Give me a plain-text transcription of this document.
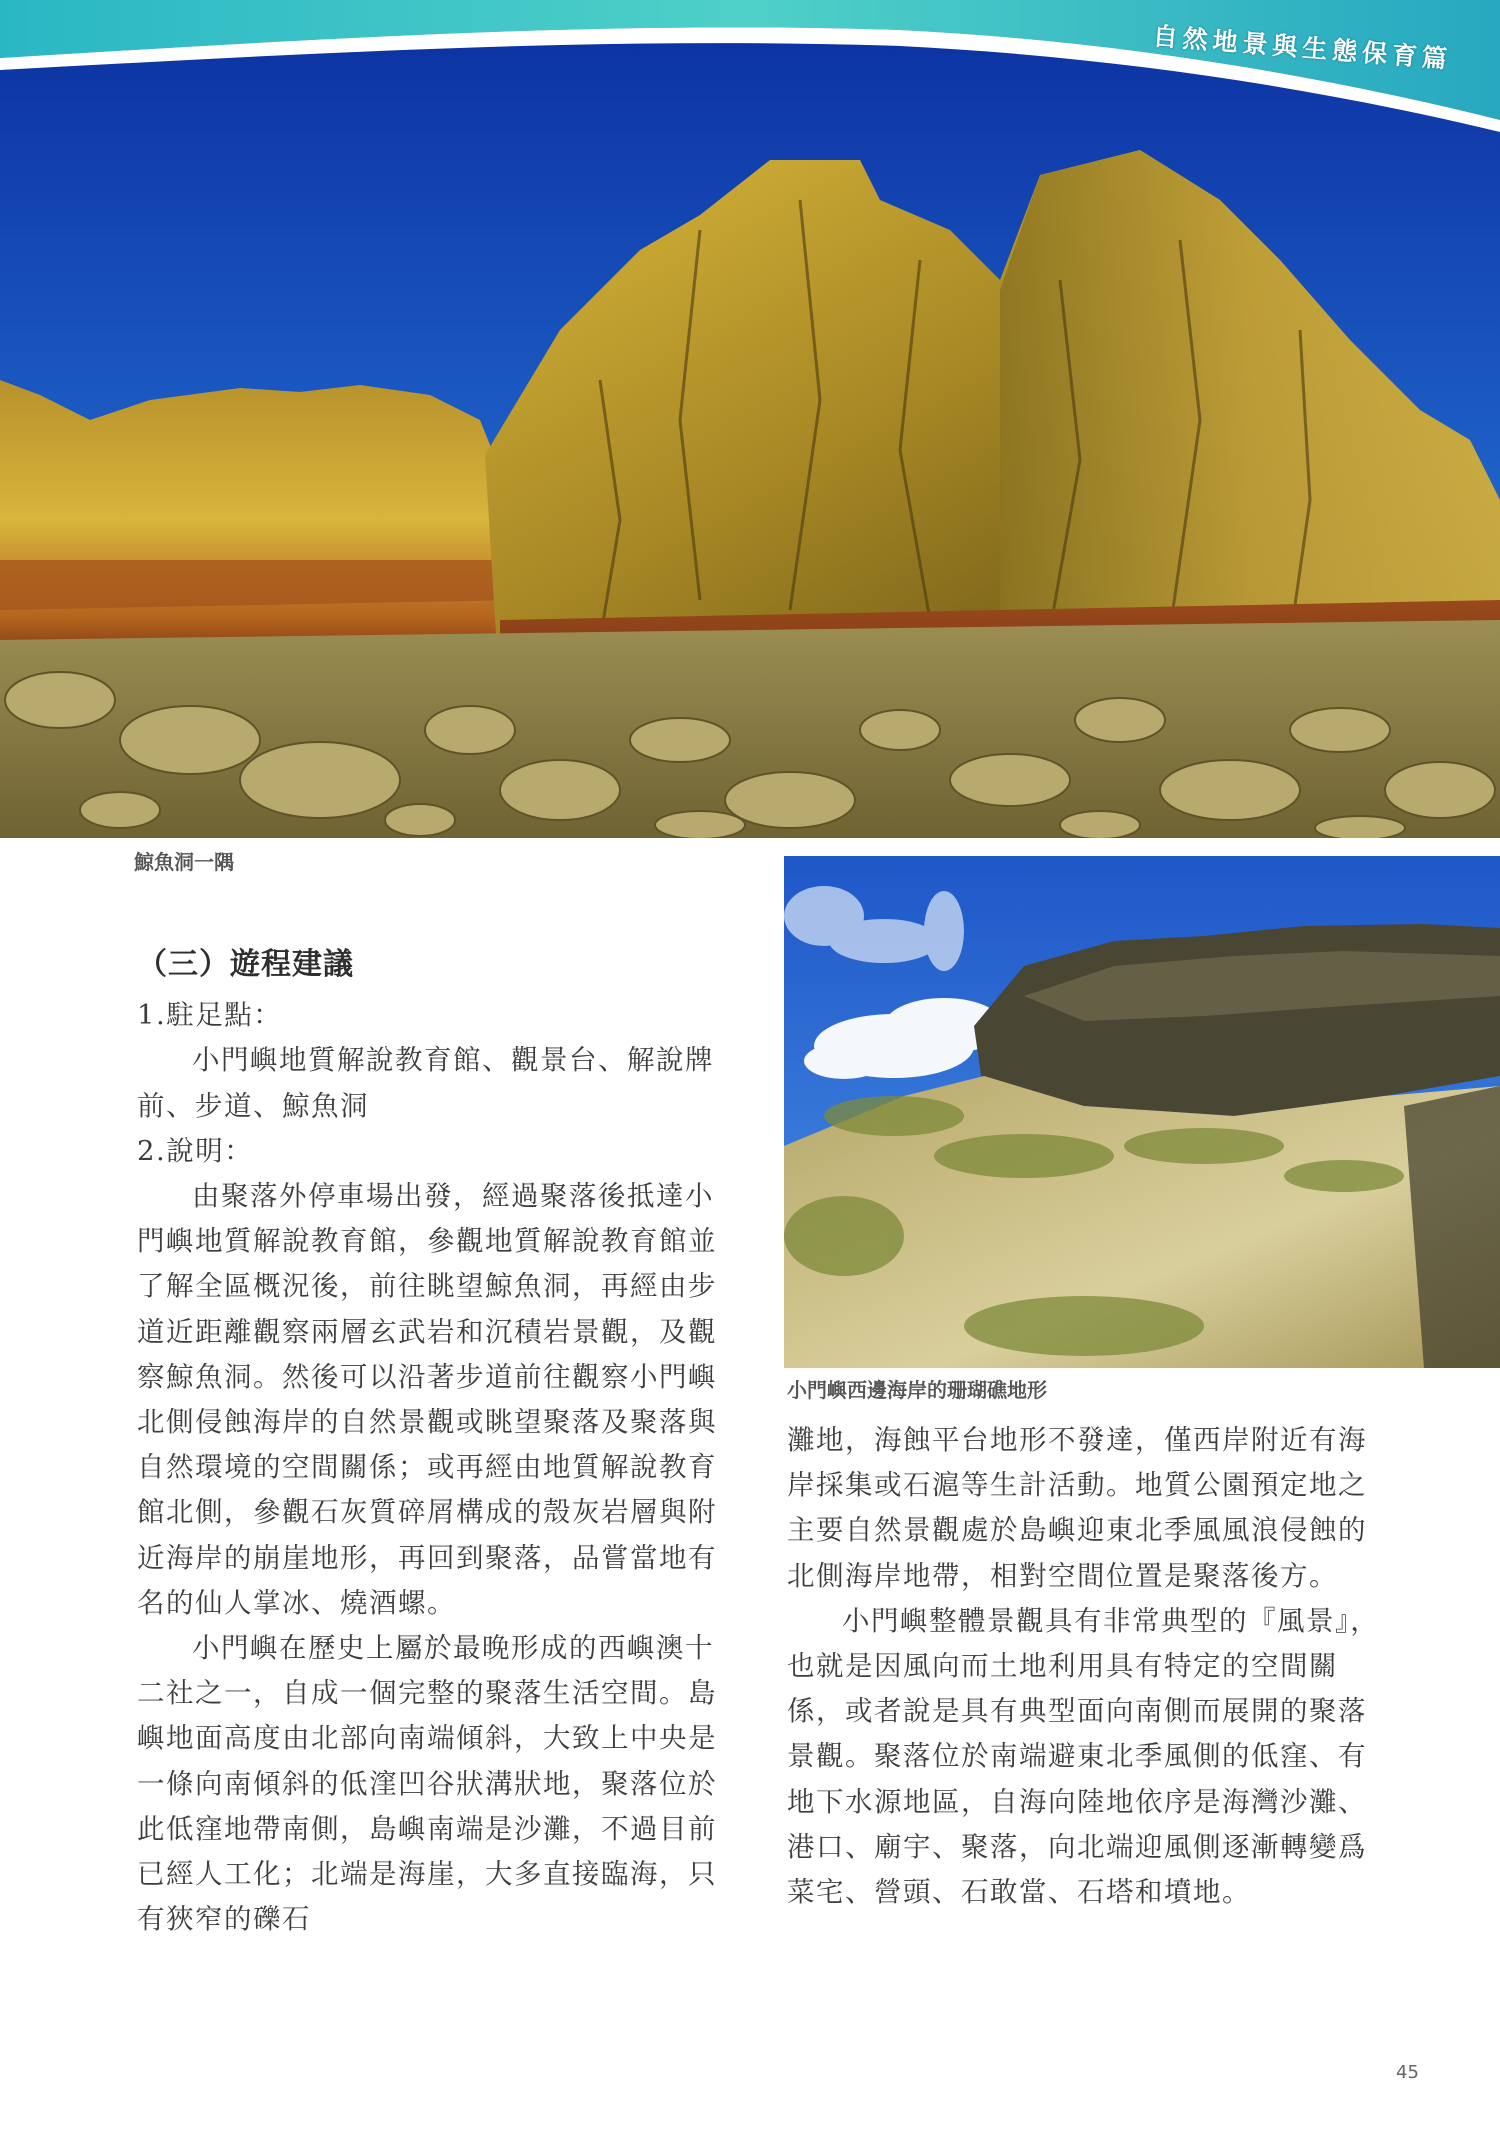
自然地景與生態保育篇
鯨魚洞一隅
小門嶼西邊海岸的珊瑚礁地形
（三）遊程建議

1.駐足點：

小門嶼地質解說教育館、觀景台、解說牌前、步道、鯨魚洞

2.說明：

由聚落外停車場出發，經過聚落後抵達小門嶼地質解說教育館，參觀地質解說教育館並了解全區概況後，前往眺望鯨魚洞，再經由步道近距離觀察兩層玄武岩和沉積岩景觀，及觀察鯨魚洞。然後可以沿著步道前往觀察小門嶼北側侵蝕海岸的自然景觀或眺望聚落及聚落與自然環境的空間關係；或再經由地質解說教育館北側，參觀石灰質碎屑構成的殼灰岩層與附近海岸的崩崖地形，再回到聚落，品嘗當地有名的仙人掌冰、燒酒螺。

小門嶼在歷史上屬於最晚形成的西嶼澳十二社之一，自成一個完整的聚落生活空間。島嶼地面高度由北部向南端傾斜，大致上中央是一條向南傾斜的低漥凹谷狀溝狀地，聚落位於此低窪地帶南側，島嶼南端是沙灘，不過目前已經人工化；北端是海崖，大多直接臨海，只有狹窄的礫石

灘地，海蝕平台地形不發達，僅西岸附近有海岸採集或石滬等生計活動。地質公園預定地之主要自然景觀處於島嶼迎東北季風風浪侵蝕的北側海岸地帶，相對空間位置是聚落後方。

小門嶼整體景觀具有非常典型的『風景』，也就是因風向而土地利用具有特定的空間關係，或者說是具有典型面向南側而展開的聚落景觀。聚落位於南端避東北季風側的低窪、有地下水源地區，自海向陸地依序是海灣沙灘、港口、廟宇、聚落，向北端迎風側逐漸轉變爲菜宅、營頭、石敢當、石塔和墳地。

45
